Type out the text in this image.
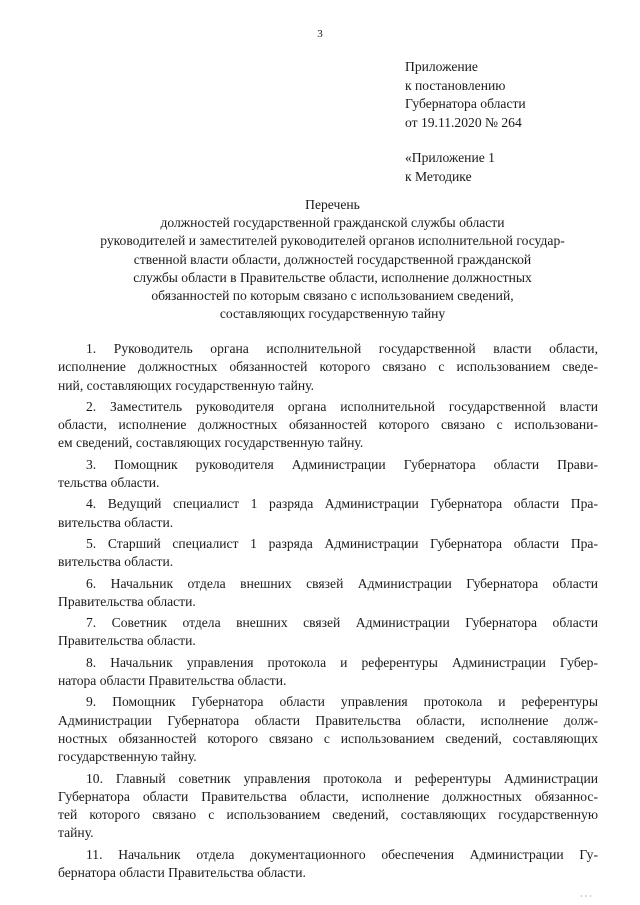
3
Приложение
к постановлению
Губернатора области
от 19.11.2020 № 264
«Приложение 1
к Методике
Перечень
должностей государственной гражданской службы области
руководителей и заместителей руководителей органов исполнительной государ-
ственной власти области, должностей государственной гражданской
службы области в Правительстве области, исполнение должностных
обязанностей по которым связано с использованием сведений,
составляющих государственную тайну
1. Руководитель органа исполнительной государственной власти области,
исполнение должностных обязанностей которого связано с использованием сведе-
ний, составляющих государственную тайну.
2. Заместитель руководителя органа исполнительной государственной власти
области, исполнение должностных обязанностей которого связано с использовани-
ем сведений, составляющих государственную тайну.
3. Помощник руководителя Администрации Губернатора области Прави-
тельства области.
4. Ведущий специалист 1 разряда Администрации Губернатора области Пра-
вительства области.
5. Старший специалист 1 разряда Администрации Губернатора области Пра-
вительства области.
6. Начальник отдела внешних связей Администрации Губернатора области
Правительства области.
7. Советник отдела внешних связей Администрации Губернатора области
Правительства области.
8. Начальник управления протокола и референтуры Администрации Губер-
натора области Правительства области.
9. Помощник Губернатора области управления протокола и референтуры
Администрации Губернатора области Правительства области, исполнение долж-
ностных обязанностей которого связано с использованием сведений, составляющих
государственную тайну.
10. Главный советник управления протокола и референтуры Администрации
Губернатора области Правительства области, исполнение должностных обязаннос-
тей которого связано с использованием сведений, составляющих государственную
тайну.
11. Начальник отдела документационного обеспечения Администрации Гу-
бернатора области Правительства области.
· · ·
